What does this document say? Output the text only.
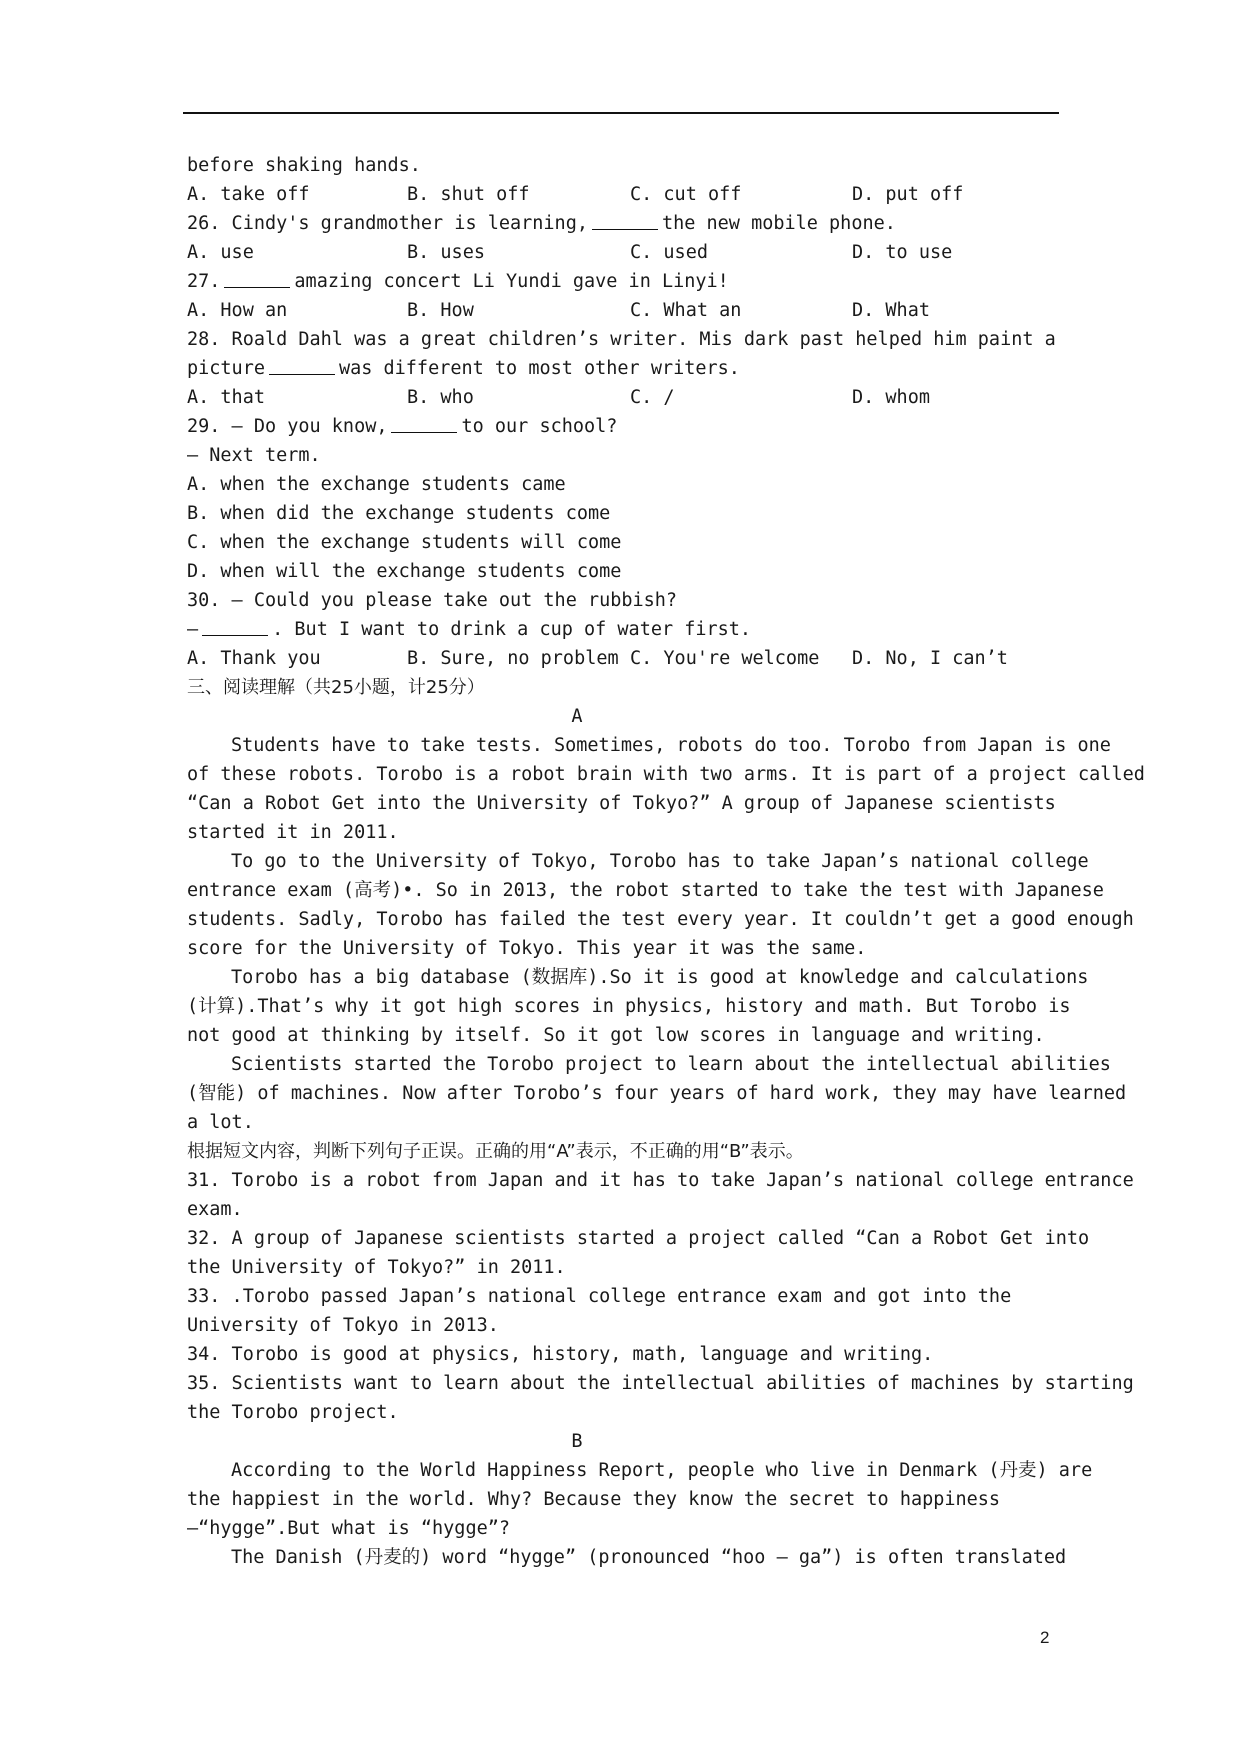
before shaking hands.
A. take off	B. shut off	C. cut off	D. put off
26. Cindy's grandmother is learning,	the new mobile phone.
A. use	B. uses	C. used	D. to use
27.	amazing concert Li Yundi gave in Linyi!
A. How an	B. How	C. What an	D. What
28. Roald Dahl was a great children’s writer. Mis dark past helped him paint a
picture	was different to most other writers.
A. that	B. who	C. /	D. whom
29. — Do you know,	to our school?
— Next term.
A. when the exchange students came
B. when did the exchange students come
C. when the exchange students will come
D. when will the exchange students come
30. — Could you please take out the rubbish?
—	. But I want to drink a cup of water first.
A. Thank you	B. Sure, no problem C. You're welcome D. No, I can’t
三、阅读理解（共25小题，计25分）
A
Students have to take tests. Sometimes, robots do too. Torobo from Japan is one
of these robots. Torobo is a robot brain with two arms. It is part of a project called
“Can a Robot Get into the University of Tokyo?” A group of Japanese scientists
started it in 2011.
To go to the University of Tokyo, Torobo has to take Japan’s national college
entrance exam (高考)•. So in 2013, the robot started to take the test with Japanese
students. Sadly, Torobo has failed the test every year. It couldn’t get a good enough
score for the University of Tokyo. This year it was the same.
Torobo has a big database (数据库).So it is good at knowledge and calculations
(计算).That’s why it got high scores in physics, history and math. But Torobo is
not good at thinking by itself. So it got low scores in language and writing.
Scientists started the Torobo project to learn about the intellectual abilities
(智能) of machines. Now after Torobo’s four years of hard work, they may have learned
a lot.
根据短文内容，判断下列句子正误。正确的用“A”表示，不正确的用“B”表示。
31. Torobo is a robot from Japan and it has to take Japan’s national college entrance
exam.
32. A group of Japanese scientists started a project called “Can a Robot Get into
the University of Tokyo?” in 2011.
33. .Torobo passed Japan’s national college entrance exam and got into the
University of Tokyo in 2013.
34. Torobo is good at physics, history, math, language and writing.
35. Scientists want to learn about the intellectual abilities of machines by starting
the Torobo project.
B
According to the World Happiness Report, people who live in Denmark (丹麦) are
the happiest in the world. Why? Because they know the secret to happiness
—“hygge”.But what is “hygge”?
The Danish (丹麦的) word “hygge” (pronounced “hoo — ga”) is often translated
2
